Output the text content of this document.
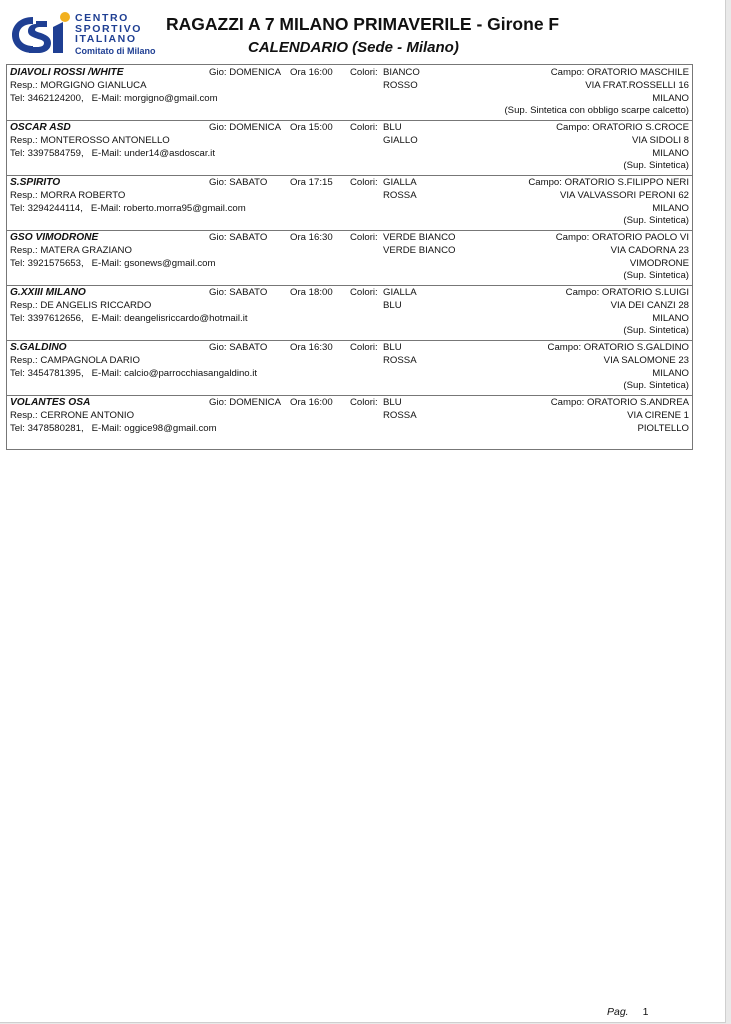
CENTRO
SPORTIVO
ITALIANO
Comitato di Milano
RAGAZZI A 7 MILANO PRIMAVERILE - Girone F
CALENDARIO (Sede - Milano)
DIAVOLI ROSSI /WHITE
Resp.: MORGIGNO GIANLUCA
Tel: 3462124200, E-Mail: morgigno@gmail.com
Gio: DOMENICA Ora 16:00 Colori: BIANCO
ROSSO
Campo: ORATORIO MASCHILE
VIA FRAT.ROSSELLI 16
MILANO
(Sup. Sintetica con obbligo scarpe calcetto)
OSCAR ASD
Resp.: MONTEROSSO ANTONELLO
Tel: 3397584759, E-Mail: under14@asdoscar.it
Gio: DOMENICA Ora 15:00 Colori: BLU
GIALLO
Campo: ORATORIO S.CROCE
VIA SIDOLI 8
MILANO
(Sup. Sintetica)
S.SPIRITO
Resp.: MORRA ROBERTO
Tel: 3294244114, E-Mail: roberto.morra95@gmail.com
Gio: SABATO Ora 17:15 Colori: GIALLA
ROSSA
Campo: ORATORIO S.FILIPPO NERI
VIA VALVASSORI PERONI 62
MILANO
(Sup. Sintetica)
GSO VIMODRONE
Resp.: MATERA GRAZIANO
Tel: 3921575653, E-Mail: gsonews@gmail.com
Gio: SABATO Ora 16:30 Colori: VERDE BIANCO
VERDE BIANCO
Campo: ORATORIO PAOLO VI
VIA CADORNA 23
VIMODRONE
(Sup. Sintetica)
G.XXIII MILANO
Resp.: DE ANGELIS RICCARDO
Tel: 3397612656, E-Mail: deangelisriccardo@hotmail.it
Gio: SABATO Ora 18:00 Colori: GIALLA
BLU
Campo: ORATORIO S.LUIGI
VIA DEI CANZI 28
MILANO
(Sup. Sintetica)
S.GALDINO
Resp.: CAMPAGNOLA DARIO
Tel: 3454781395, E-Mail: calcio@parrocchiasangaldino.it
Gio: SABATO Ora 16:30 Colori: BLU
ROSSA
Campo: ORATORIO S.GALDINO
VIA SALOMONE 23
MILANO
(Sup. Sintetica)
VOLANTES OSA
Resp.: CERRONE ANTONIO
Tel: 3478580281, E-Mail: oggice98@gmail.com
Gio: DOMENICA Ora 16:00 Colori: BLU
ROSSA
Campo: ORATORIO S.ANDREA
VIA CIRENE 1
PIOLTELLO
Pag. 1
